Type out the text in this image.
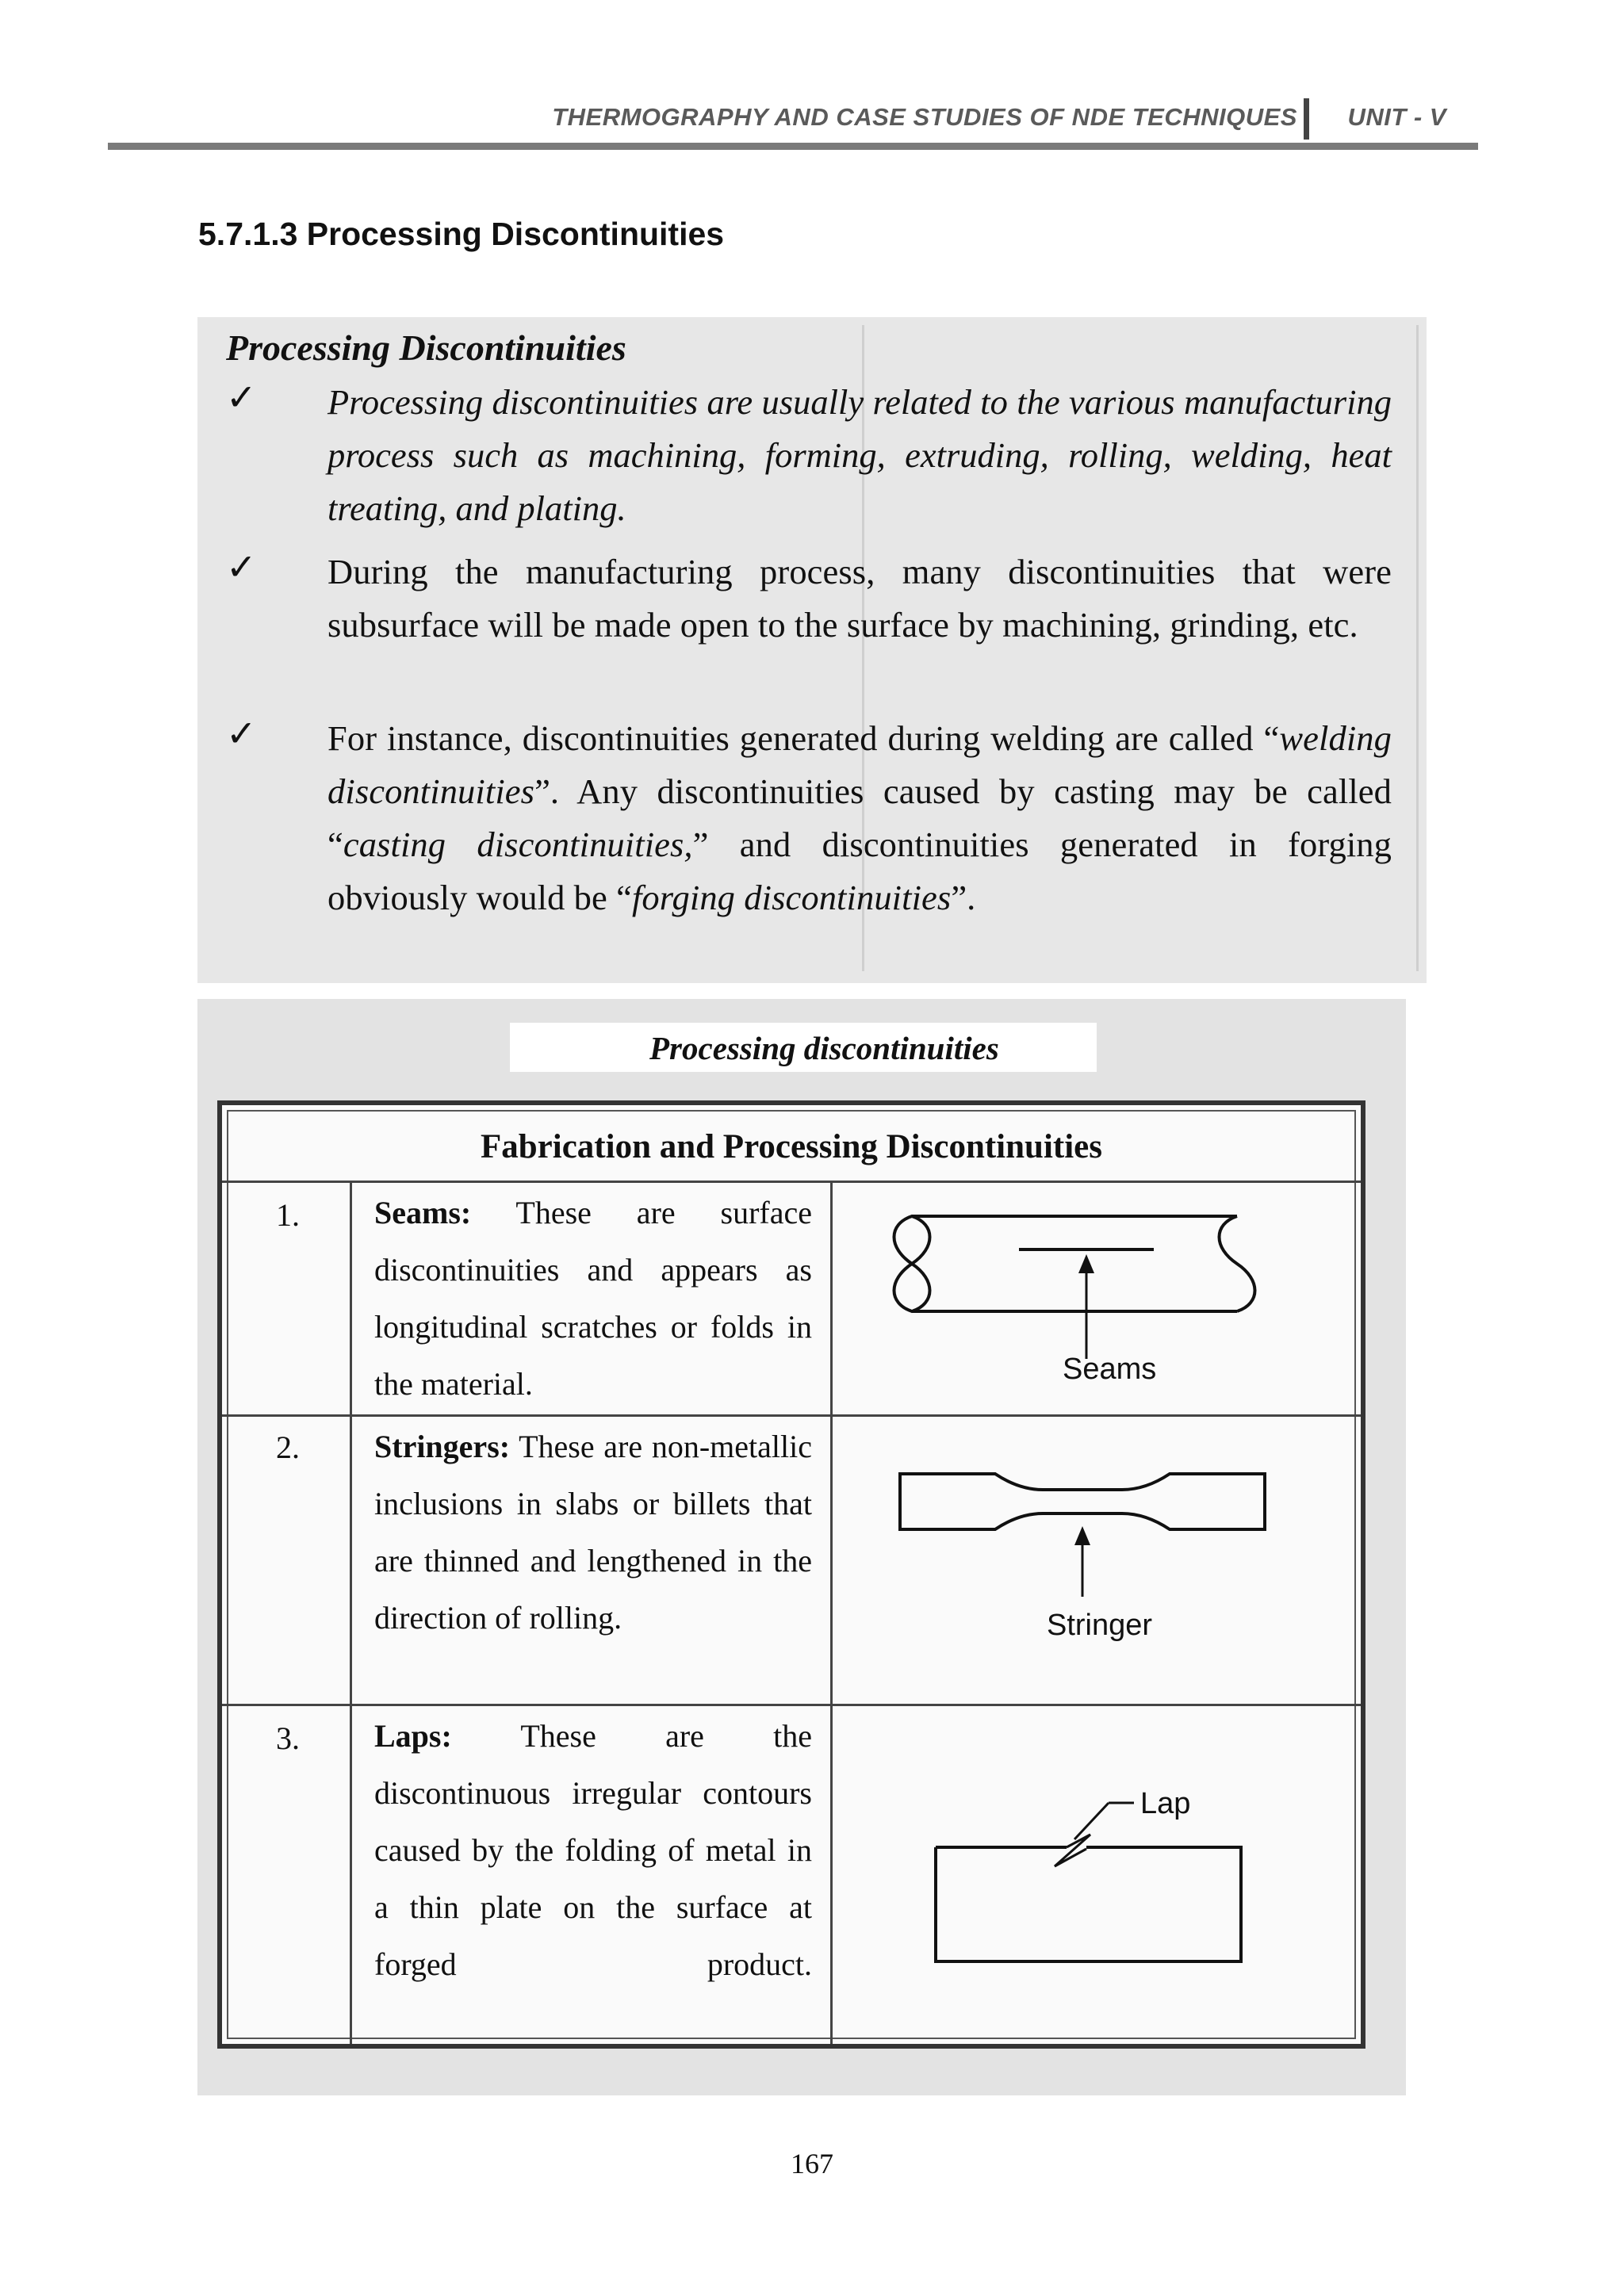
THERMOGRAPHY AND CASE STUDIES OF NDE TECHNIQUES UNIT - V
5.7.1.3 Processing Discontinuities
Processing Discontinuities
✓ Processing discontinuities are usually related to the various manufacturing process such as machining, forming, extruding, rolling, welding, heat treating, and plating.
✓ During the manufacturing process, many discontinuities that were subsurface will be made open to the surface by machining, grinding, etc.
✓ For instance, discontinuities generated during welding are called “welding discontinuities”. Any discontinuities caused by casting may be called “casting discontinuities,” and discontinuities generated in forging obviously would be “forging discontinuities”.
Processing discontinuities
Fabrication and Processing Discontinuities
1. Seams: These are surface discontinuities and appears as longitudinal scratches or folds in the material.	Seams
2. Stringers: These are non-metallic inclusions in slabs or billets that are thinned and lengthened in the direction of rolling.	Stringer
3. Laps: These are the discontinuous irregular contours caused by the folding of metal in a thin plate on the surface at forged product.
Lap
167
